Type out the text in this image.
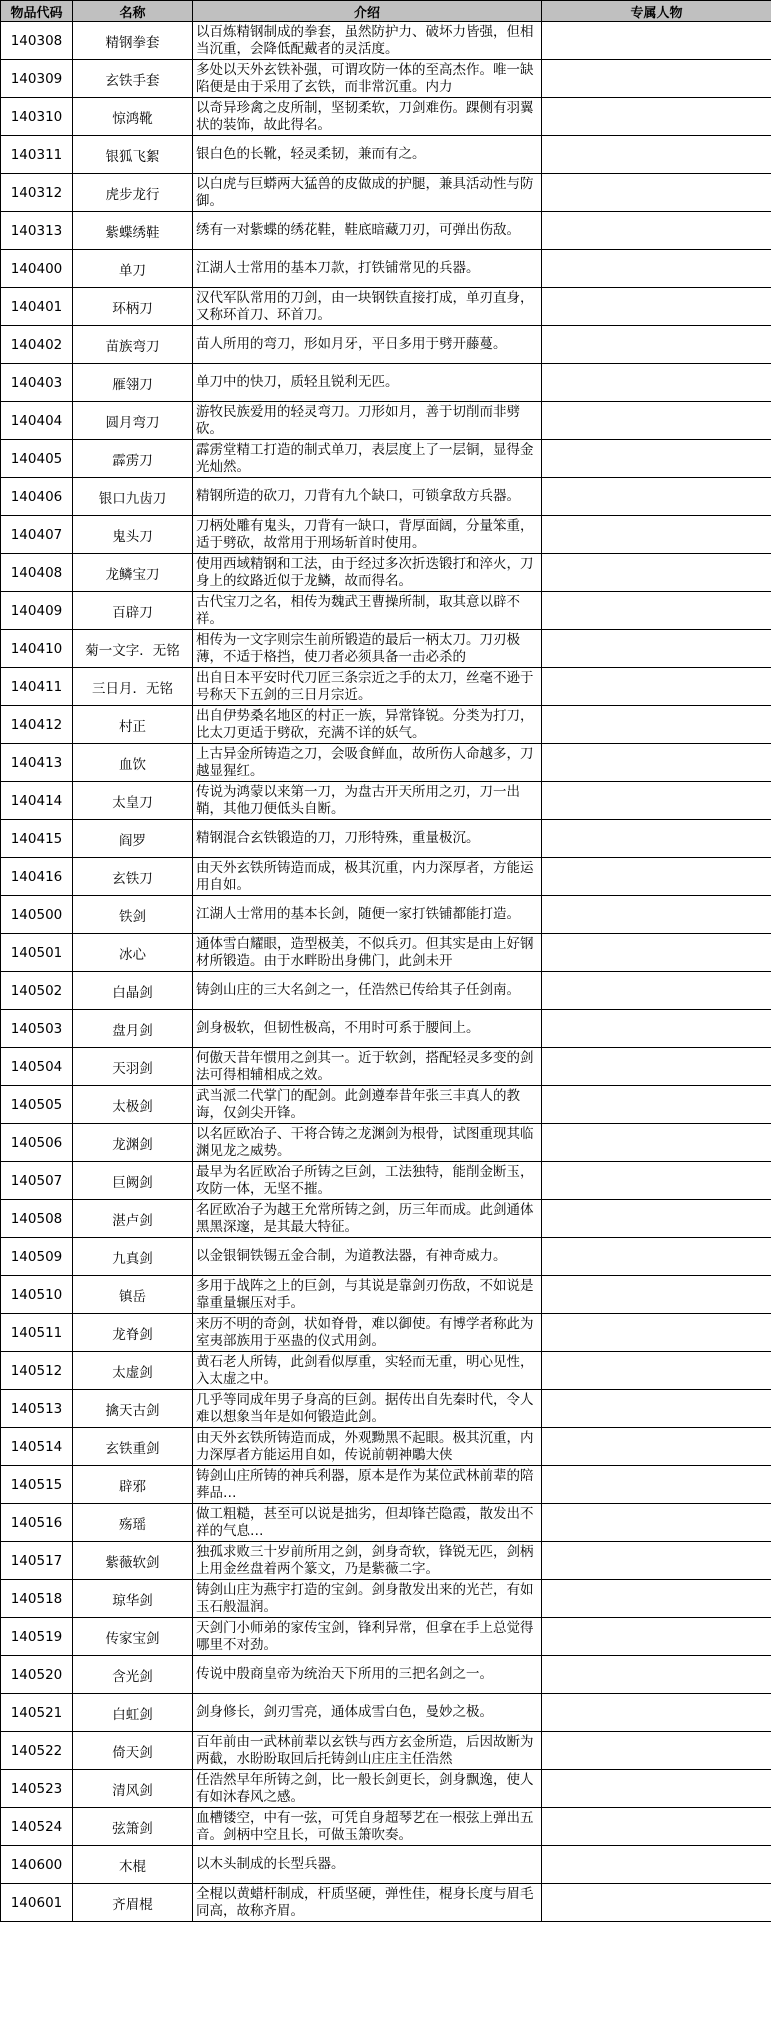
物品代码	名称	介绍	专属人物
140308	精钢拳套	以百炼精钢制成的拳套，虽然防护力、破坏力皆强，但相当沉重，会降低配戴者的灵活度。	

140309	玄铁手套	多处以天外玄铁补强，可谓攻防一体的至高杰作。唯一缺陷便是由于采用了玄铁，而非常沉重。内力	

140310	惊鸿靴	以奇异珍禽之皮所制，坚韧柔软，刀剑难伤。踝侧有羽翼状的装饰，故此得名。	

140311	银狐飞絮	银白色的长靴，轻灵柔韧，兼而有之。	

140312	虎步龙行	以白虎与巨蟒两大猛兽的皮做成的护腿，兼具活动性与防御。	

140313	紫蝶绣鞋	绣有一对紫蝶的绣花鞋，鞋底暗藏刀刃，可弹出伤敌。	

140400	单刀	江湖人士常用的基本刀款，打铁铺常见的兵器。	

140401	环柄刀	汉代军队常用的刀剑，由一块钢铁直接打成，单刃直身，又称环首刀、环首刀。	

140402	苗族弯刀	苗人所用的弯刀，形如月牙，平日多用于劈开藤蔓。	

140403	雁翎刀	单刀中的快刀，质轻且锐利无匹。	

140404	圆月弯刀	游牧民族爱用的轻灵弯刀。刀形如月，善于切削而非劈砍。	

140405	霹雳刀	霹雳堂精工打造的制式单刀，表层度上了一层铜，显得金光灿然。	

140406	银口九齿刀	精钢所造的砍刀，刀背有九个缺口，可锁拿敌方兵器。	

140407	鬼头刀	刀柄处雕有鬼头，刀背有一缺口，背厚面阔，分量笨重，适于劈砍，故常用于刑场斩首时使用。	

140408	龙鳞宝刀	使用西域精钢和工法，由于经过多次折迭锻打和淬火，刀身上的纹路近似于龙鳞，故而得名。	

140409	百辟刀	古代宝刀之名，相传为魏武王曹操所制，取其意以辟不祥。	

140410	菊一文字．无铭	相传为一文字则宗生前所锻造的最后一柄太刀。刀刃极薄，不适于格挡，使刀者必须具备一击必杀的	

140411	三日月．无铭	出自日本平安时代刀匠三条宗近之手的太刀，丝毫不逊于号称天下五剑的三日月宗近。	

140412	村正	出自伊势桑名地区的村正一族，异常锋锐。分类为打刀，比太刀更适于劈砍，充满不详的妖气。	

140413	血饮	上古异金所铸造之刀，会吸食鲜血，故所伤人命越多，刀越显猩红。	

140414	太皇刀	传说为鸿蒙以来第一刀，为盘古开天所用之刃，刀一出鞘，其他刀便低头自断。	

140415	阎罗	精钢混合玄铁锻造的刀，刀形特殊，重量极沉。	

140416	玄铁刀	由天外玄铁所铸造而成，极其沉重，内力深厚者，方能运用自如。	

140500	铁剑	江湖人士常用的基本长剑，随便一家打铁铺都能打造。	

140501	冰心	通体雪白耀眼，造型极美，不似兵刃。但其实是由上好钢材所锻造。由于水畔盼出身佛门，此剑未开	

140502	白晶剑	铸剑山庄的三大名剑之一，任浩然已传给其子任剑南。	

140503	盘月剑	剑身极软，但韧性极高，不用时可系于腰间上。	

140504	天羽剑	何傲天昔年惯用之剑其一。近于软剑，搭配轻灵多变的剑法可得相辅相成之效。	

140505	太极剑	武当派二代掌门的配剑。此剑遵奉昔年张三丰真人的教诲，仅剑尖开锋。	

140506	龙渊剑	以名匠欧冶子、干将合铸之龙渊剑为根骨，试图重现其临渊见龙之威势。	

140507	巨阙剑	最早为名匠欧冶子所铸之巨剑，工法独特，能削金断玉，攻防一体，无坚不摧。	

140508	湛卢剑	名匠欧冶子为越王允常所铸之剑，历三年而成。此剑通体黑黑深邃，是其最大特征。	

140509	九真剑	以金银铜铁锡五金合制，为道教法器，有神奇威力。	

140510	镇岳	多用于战阵之上的巨剑，与其说是靠剑刃伤敌，不如说是靠重量辗压对手。	

140511	龙脊剑	来历不明的奇剑，状如脊骨，难以御使。有博学者称此为室夷部族用于巫蛊的仪式用剑。	

140512	太虚剑	黄石老人所铸，此剑看似厚重，实轻而无重，明心见性，入太虚之中。	

140513	擒天古剑	几乎等同成年男子身高的巨剑。据传出自先秦时代，令人难以想象当年是如何锻造此剑。	

140514	玄铁重剑	由天外玄铁所铸造而成，外观黝黑不起眼。极其沉重，内力深厚者方能运用自如，传说前朝神鵰大侠	

140515	辟邪	铸剑山庄所铸的神兵利器，原本是作为某位武林前辈的陪葬品…	

140516	殇瑶	做工粗糙，甚至可以说是拙劣，但却锋芒隐霞，散发出不祥的气息…	

140517	紫薇软剑	独孤求败三十岁前所用之剑，剑身奇软，锋锐无匹，剑柄上用金丝盘着两个篆文，乃是紫薇二字。	

140518	琼华剑	铸剑山庄为燕宇打造的宝剑。剑身散发出来的光芒，有如玉石般温润。	

140519	传家宝剑	天剑门小师弟的家传宝剑，锋利异常，但拿在手上总觉得哪里不对劲。	

140520	含光剑	传说中殷商皇帝为统治天下所用的三把名剑之一。	

140521	白虹剑	剑身修长，剑刃雪亮，通体成雪白色，曼妙之极。	

140522	倚天剑	百年前由一武林前辈以玄铁与西方玄金所造，后因故断为两截，水盼盼取回后托铸剑山庄庄主任浩然	

140523	清风剑	任浩然早年所铸之剑，比一般长剑更长，剑身飘逸，使人有如沐春风之感。	

140524	弦箫剑	血槽镂空，中有一弦，可凭自身超琴艺在一根弦上弹出五音。剑柄中空且长，可做玉箫吹奏。	

140600	木棍	以木头制成的长型兵器。	

140601	齐眉棍	全棍以黄蜡杆制成，杆质坚硬，弹性佳，棍身长度与眉毛同高，故称齐眉。	
